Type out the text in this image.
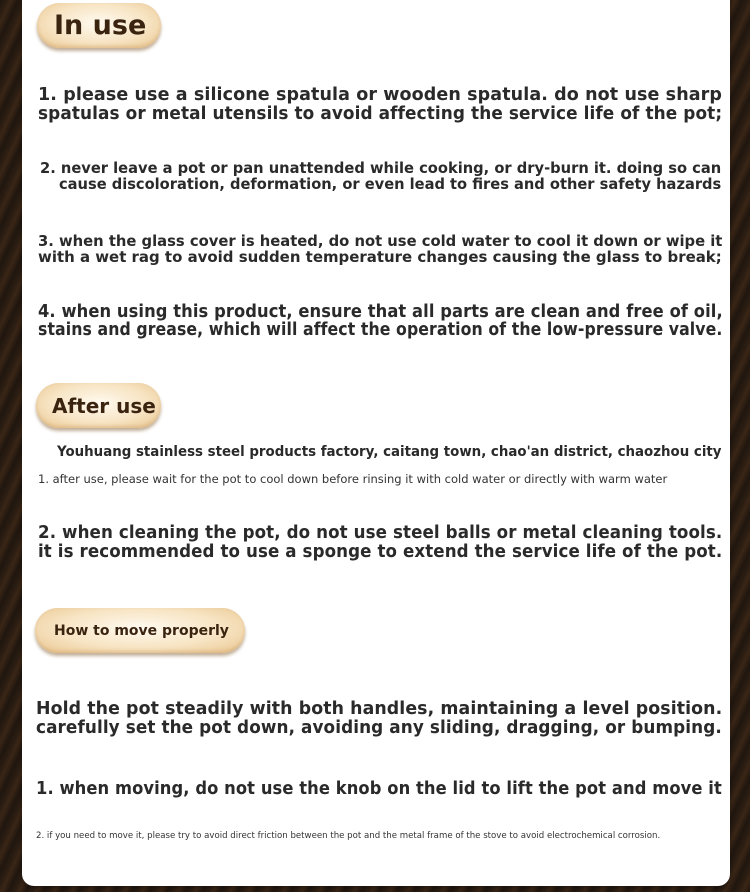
In use

1. please use a silicone spatula or wooden spatula. do not use sharp

spatulas or metal utensils to avoid affecting the service life of the pot;

2. never leave a pot or pan unattended while cooking, or dry-burn it. doing so can

cause discoloration, deformation, or even lead to fires and other safety hazards

3. when the glass cover is heated, do not use cold water to cool it down or wipe it

with a wet rag to avoid sudden temperature changes causing the glass to break;

4. when using this product, ensure that all parts are clean and free of oil,

stains and grease, which will affect the operation of the low-pressure valve.

After use

Youhuang stainless steel products factory, caitang town, chao'an district, chaozhou city

1. after use, please wait for the pot to cool down before rinsing it with cold water or directly with warm water

2. when cleaning the pot, do not use steel balls or metal cleaning tools.

it is recommended to use a sponge to extend the service life of the pot.

How to move properly

Hold the pot steadily with both handles, maintaining a level position.

carefully set the pot down, avoiding any sliding, dragging, or bumping.

1. when moving, do not use the knob on the lid to lift the pot and move it

2. if you need to move it, please try to avoid direct friction between the pot and the metal frame of the stove to avoid electrochemical corrosion.
